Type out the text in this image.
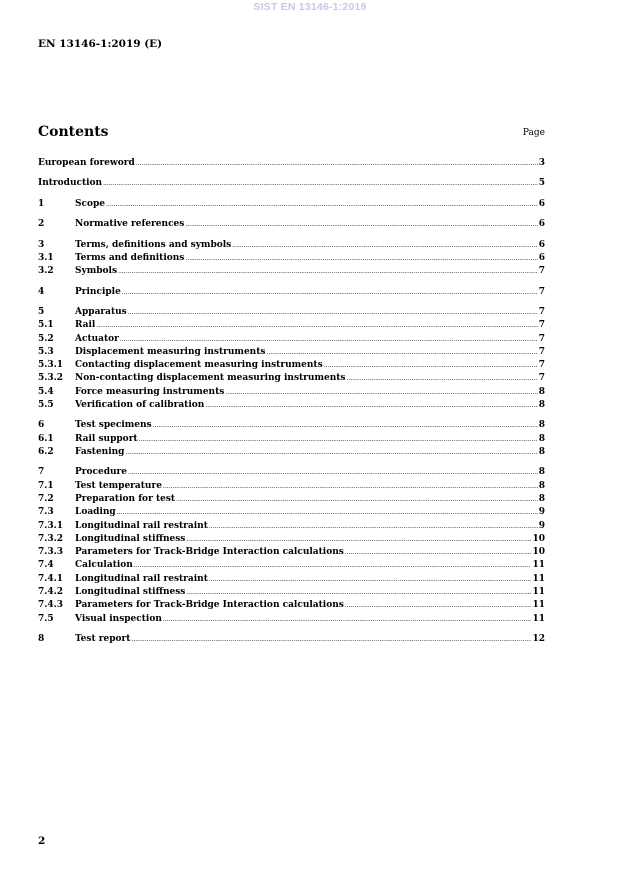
SIST EN 13146-1:2019
EN 13146-1:2019 (E)
Contents	Page
European foreword .....	3
Introduction .....	5
1	Scope .....	6
2	Normative references .....	6
3	Terms, definitions and symbols .....	6
3.1	Terms and definitions .....	6
3.2	Symbols .....	7
4	Principle .....	7
5	Apparatus .....	7
5.1	Rail .....	7
5.2	Actuator .....	7
5.3	Displacement measuring instruments .....	7
5.3.1	Contacting displacement measuring instruments .....	7
5.3.2	Non-contacting displacement measuring instruments .....	7
5.4	Force measuring instruments .....	8
5.5	Verification of calibration .....	8
6	Test specimens .....	8
6.1	Rail support .....	8
6.2	Fastening .....	8
7	Procedure .....	8
7.1	Test temperature .....	8
7.2	Preparation for test .....	8
7.3	Loading .....	9
7.3.1	Longitudinal rail restraint .....	9
7.3.2	Longitudinal stiffness .....	10
7.3.3	Parameters for Track-Bridge Interaction calculations .....	10
7.4	Calculation .....	11
7.4.1	Longitudinal rail restraint .....	11
7.4.2	Longitudinal stiffness .....	11
7.4.3	Parameters for Track-Bridge Interaction calculations .....	11
7.5	Visual inspection .....	11
8	Test report .....	12
2
